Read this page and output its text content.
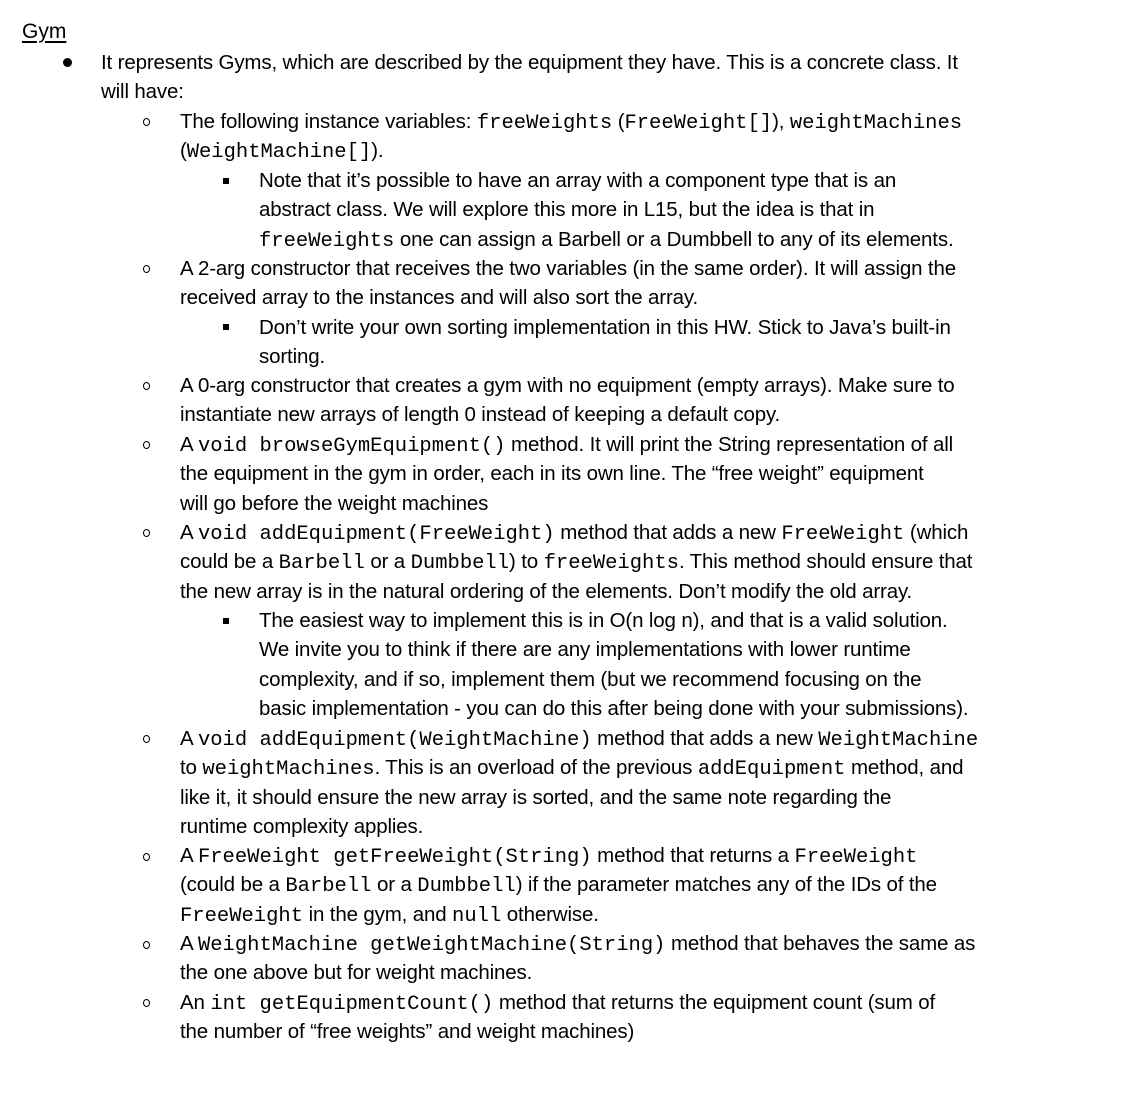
Gym

It represents Gyms, which are described by the equipment they have. This is a concrete class. It
will have:

The following instance variables: freeWeights (FreeWeight[]), weightMachines
(WeightMachine[]).

Note that it’s possible to have an array with a component type that is an
abstract class. We will explore this more in L15, but the idea is that in
freeWeights one can assign a Barbell or a Dumbbell to any of its elements.

A 2-arg constructor that receives the two variables (in the same order). It will assign the
received array to the instances and will also sort the array.

Don’t write your own sorting implementation in this HW. Stick to Java’s built-in
sorting.

A 0-arg constructor that creates a gym with no equipment (empty arrays). Make sure to
instantiate new arrays of length 0 instead of keeping a default copy.

A void browseGymEquipment() method. It will print the String representation of all
the equipment in the gym in order, each in its own line. The “free weight” equipment
will go before the weight machines

A void addEquipment(FreeWeight) method that adds a new FreeWeight (which
could be a Barbell or a Dumbbell) to freeWeights. This method should ensure that
the new array is in the natural ordering of the elements. Don’t modify the old array.

The easiest way to implement this is in O(n log n), and that is a valid solution.
We invite you to think if there are any implementations with lower runtime
complexity, and if so, implement them (but we recommend focusing on the
basic implementation - you can do this after being done with your submissions).

A void addEquipment(WeightMachine) method that adds a new WeightMachine
to weightMachines. This is an overload of the previous addEquipment method, and
like it, it should ensure the new array is sorted, and the same note regarding the
runtime complexity applies.

A FreeWeight getFreeWeight(String) method that returns a FreeWeight
(could be a Barbell or a Dumbbell) if the parameter matches any of the IDs of the
FreeWeight in the gym, and null otherwise.

A WeightMachine getWeightMachine(String) method that behaves the same as
the one above but for weight machines.

An int getEquipmentCount() method that returns the equipment count (sum of
the number of “free weights” and weight machines)
